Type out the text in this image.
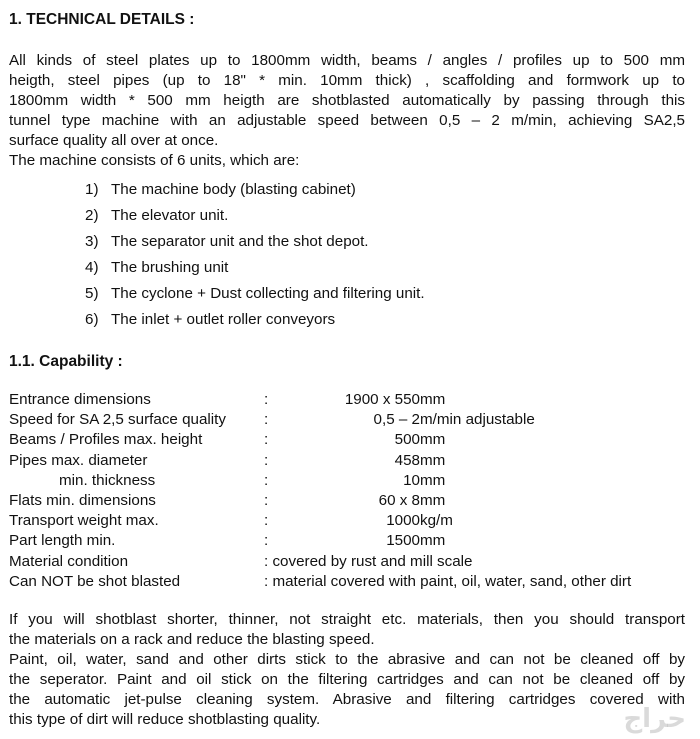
1. TECHNICAL DETAILS :

All kinds of steel plates up to 1800mm width, beams / angles / profiles up to 500 mm

heigth, steel pipes (up to 18" * min. 10mm thick) , scaffolding and formwork up to

1800mm width * 500 mm heigth are shotblasted automatically by passing through this

tunnel type machine with an adjustable speed between 0,5 – 2 m/min, achieving SA2,5

surface quality all over at once.

The machine consists of 6 units, which are:

1) The machine body (blasting cabinet)
2) The elevator unit.
3) The separator unit and the shot depot.
4) The brushing unit
5) The cyclone + Dust collecting and filtering unit.
6) The inlet + outlet roller conveyors
1.1. Capability :
Entrance dimensions	:	1900 x 550	mm
Speed for SA 2,5 surface quality	:	0,5 – 2	m/min adjustable
Beams / Profiles max. height	:	500	mm
Pipes max. diameter	:	458	mm
min. thickness	:	10	mm
Flats min. dimensions	:	60 x 8	mm
Transport weight max.	:	1000	kg/m
Part length min.	:	1500	mm
Material condition	: covered by rust and mill scale		
Can NOT be shot blasted	: material covered with paint, oil, water, sand, other dirt		

If you will shotblast shorter, thinner, not straight etc. materials, then you should transport

the materials on a rack and reduce the blasting speed.

Paint, oil, water, sand and other dirts stick to the abrasive and can not be cleaned off by

the seperator. Paint and oil stick on the filtering cartridges and can not be cleaned off by

the automatic jet-pulse cleaning system. Abrasive and filtering cartridges covered with

this type of dirt will reduce shotblasting quality.	حراج
